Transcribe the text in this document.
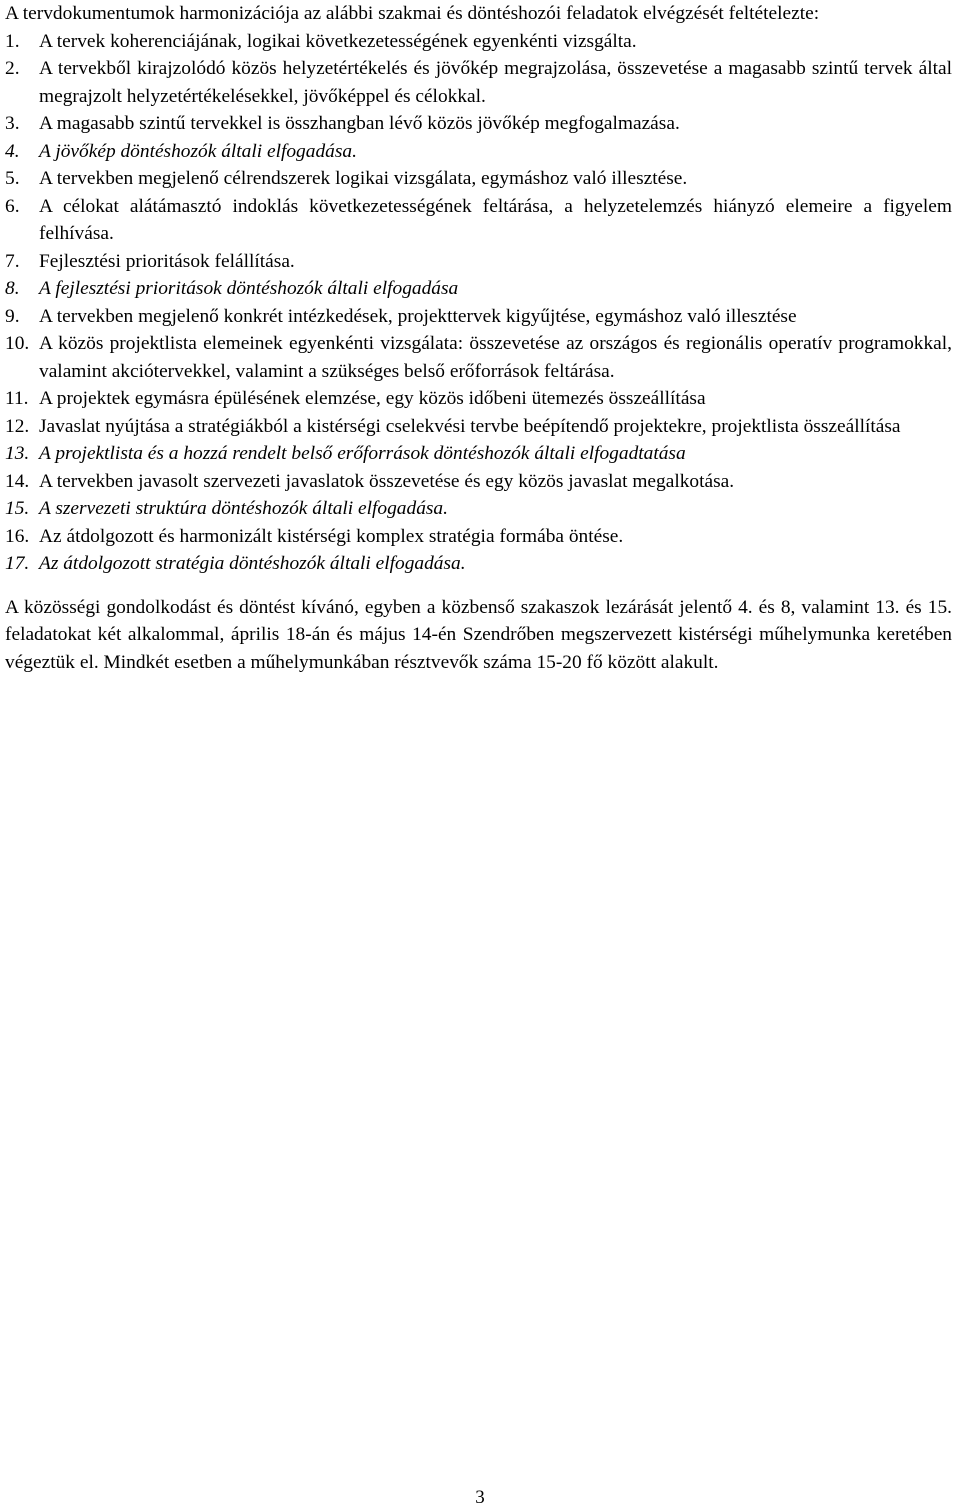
A tervdokumentumok harmonizációja az alábbi szakmai és döntéshozói feladatok elvégzését feltételezte:

1. A tervek koherenciájának, logikai következetességének egyenkénti vizsgálta.
2. A tervekből kirajzolódó közös helyzetértékelés és jövőkép megrajzolása, összevetése a magasabb szintű tervek által megrajzolt helyzetértékelésekkel, jövőképpel és célokkal.
3. A magasabb szintű tervekkel is összhangban lévő közös jövőkép megfogalmazása.
4. A jövőkép döntéshozók általi elfogadása.
5. A tervekben megjelenő célrendszerek logikai vizsgálata, egymáshoz való illesztése.
6. A célokat alátámasztó indoklás következetességének feltárása, a helyzetelemzés hiányzó elemeire a figyelem felhívása.
7. Fejlesztési prioritások felállítása.
8. A fejlesztési prioritások döntéshozók általi elfogadása
9. A tervekben megjelenő konkrét intézkedések, projekttervek kigyűjtése, egymáshoz való illesztése
10. A közös projektlista elemeinek egyenkénti vizsgálata: összevetése az országos és regionális operatív programokkal, valamint akciótervekkel, valamint a szükséges belső erőforrások feltárása.
11. A projektek egymásra épülésének elemzése, egy közös időbeni ütemezés összeállítása
12. Javaslat nyújtása a stratégiákból a kistérségi cselekvési tervbe beépítendő projektekre, projektlista összeállítása
13. A projektlista és a hozzá rendelt belső erőforrások döntéshozók általi elfogadtatása
14. A tervekben javasolt szervezeti javaslatok összevetése és egy közös javaslat megalkotása.
15. A szervezeti struktúra döntéshozók általi elfogadása.
16. Az átdolgozott és harmonizált kistérségi komplex stratégia formába öntése.
17. Az átdolgozott stratégia döntéshozók általi elfogadása.

A közösségi gondolkodást és döntést kívánó, egyben a közbenső szakaszok lezárását jelentő 4. és 8, valamint 13. és 15. feladatokat két alkalommal, április 18-án és május 14-én Szendrőben megszervezett kistérségi műhelymunka keretében végeztük el. Mindkét esetben a műhelymunkában résztvevők száma 15-20 fő között alakult.

3
